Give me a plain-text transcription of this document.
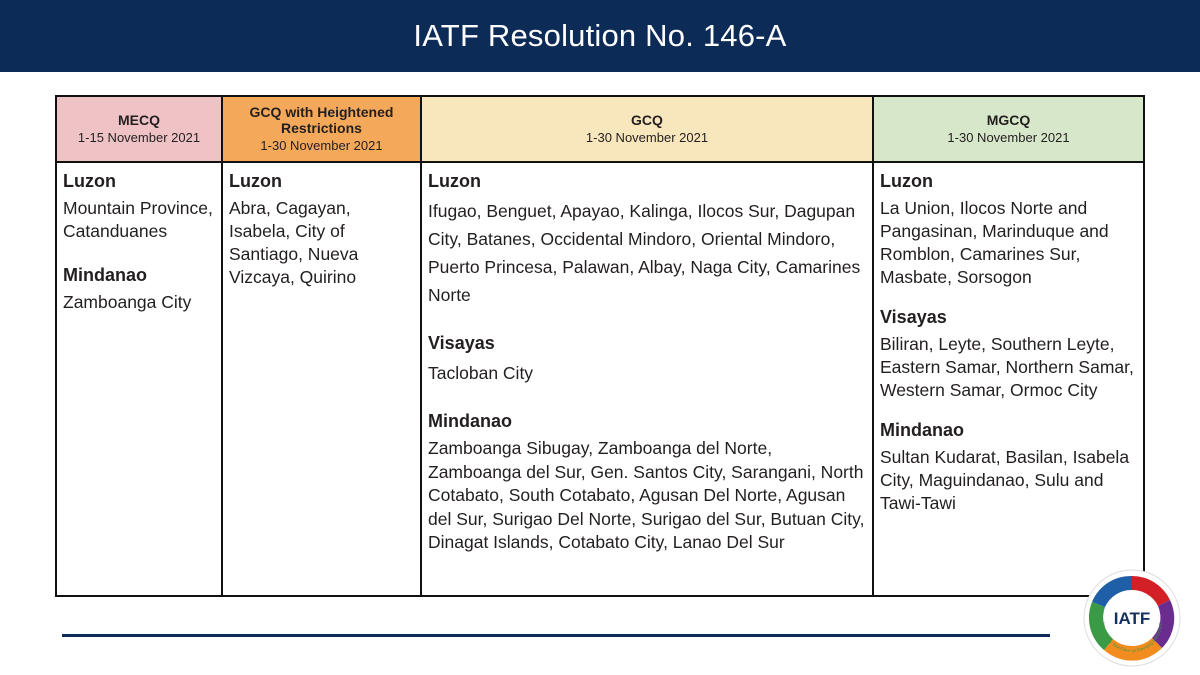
IATF Resolution No. 146-A
MECQ
1-15 November 2021
Luzon

Mountain Province, Catanduanes

Mindanao

Zamboanga City

GCQ with Heightened Restrictions
1-30 November 2021
Luzon

Abra, Cagayan, Isabela, City of Santiago, Nueva Vizcaya, Quirino

GCQ
1-30 November 2021
Luzon

Ifugao, Benguet, Apayao, Kalinga, Ilocos Sur, Dagupan City, Batanes, Occidental Mindoro, Oriental Mindoro, Puerto Princesa, Palawan, Albay, Naga City, Camarines Norte

Visayas

Tacloban City

Mindanao

Zamboanga Sibugay, Zamboanga del Norte, Zamboanga del Sur, Gen. Santos City, Sarangani, North Cotabato, South Cotabato, Agusan Del Norte, Agusan del Sur, Surigao Del Norte, Surigao del Sur, Butuan City, Dinagat Islands, Cotabato City, Lanao Del Sur

MGCQ
1-30 November 2021
Luzon

La Union, Ilocos Norte and Pangasinan, Marinduque and Romblon, Camarines Sur, Masbate, Sorsogon

Visayas

Biliran, Leyte, Southern Leyte, Eastern Samar, Northern Samar, Western Samar, Ormoc City

Mindanao

Sultan Kudarat, Basilan, Isabela City, Maguindanao, Sulu and Tawi-Tawi

IATF
Inter-Agency Task Force on Emerging Infectious D
